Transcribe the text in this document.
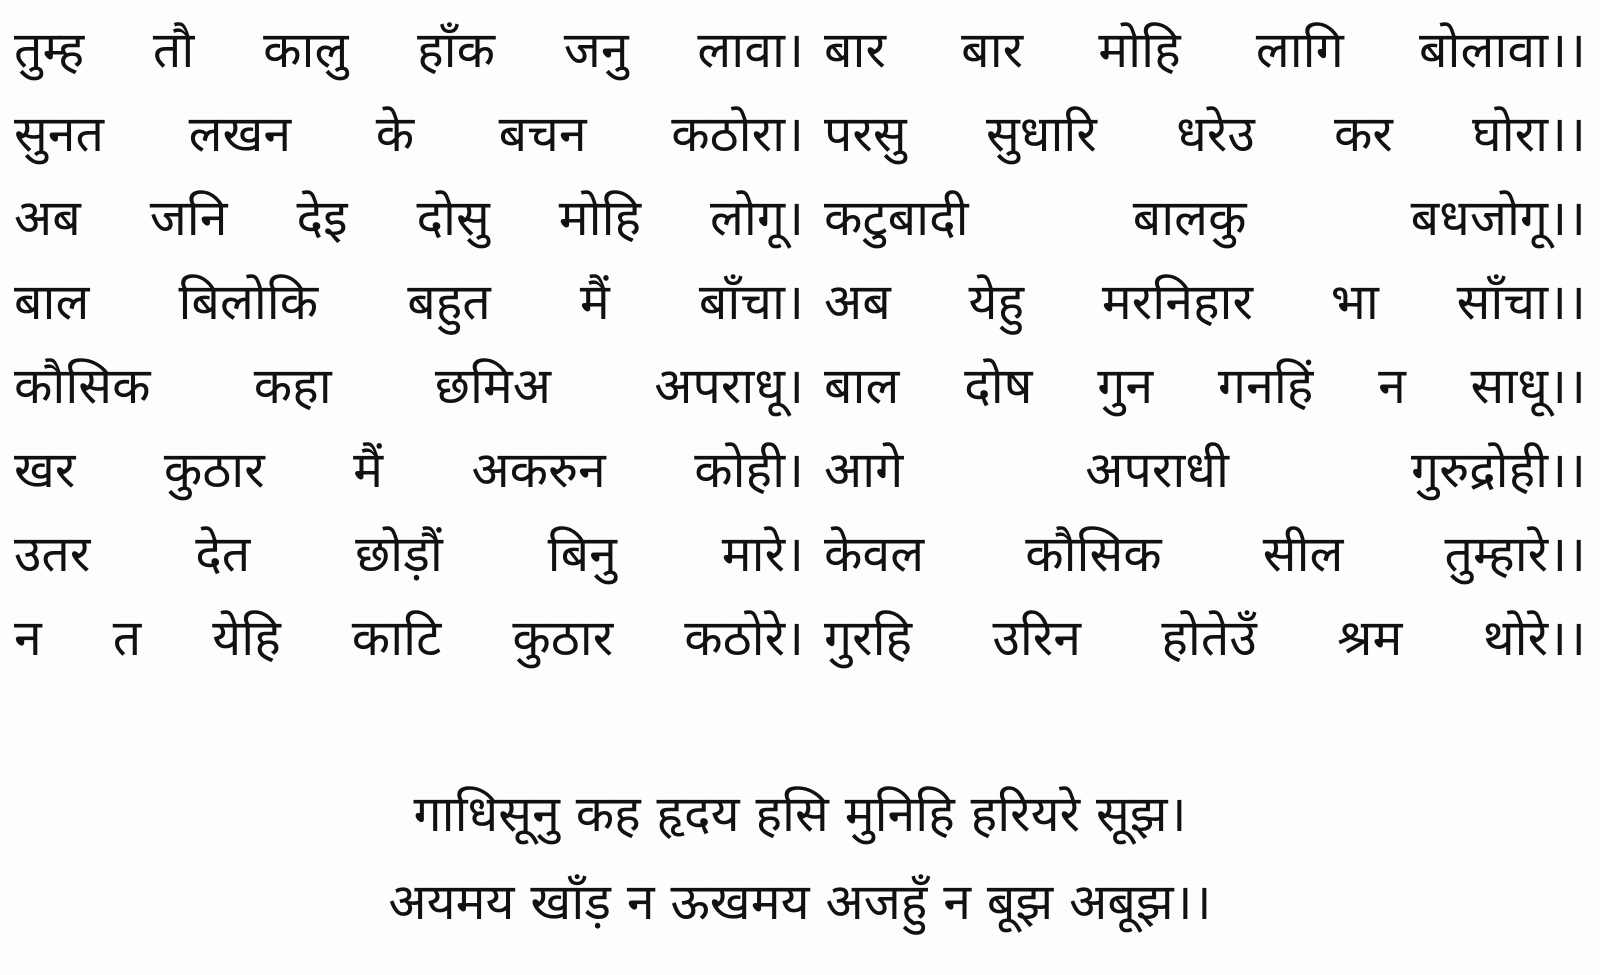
तुम्ह तौ कालु हाँक जनु लावा। बार बार मोहि लागि बोलावा।।
सुनत लखन के बचन कठोरा। परसु सुधारि धरेउ कर घोरा।।
अब जनि देइ दोसु मोहि लोगू। कटुबादी	बालकु	बधजोगू।।
बाल बिलोकि बहुत मैं बाँचा। अब येहु मरनिहार भा साँचा।।
कौसिक कहा छमिअ अपराधू। बाल दोष गुन गनहिं न साधू।।
खर कुठार मैं अकरुन कोही। आगे	अपराधी	गुरुद्रोही।।
उतर देत छोड़ौं बिनु मारे। केवल कौसिक सील तुम्हारे।।
न त येहि काटि कुठार कठोरे। गुरहि उरिन होतेउँ श्रम थोरे।।
गाधिसूनु कह हृदय हसि मुनिहि हरियरे सूझ।
अयमय खाँड़ न ऊखमय अजहुँ न बूझ अबूझ।।
